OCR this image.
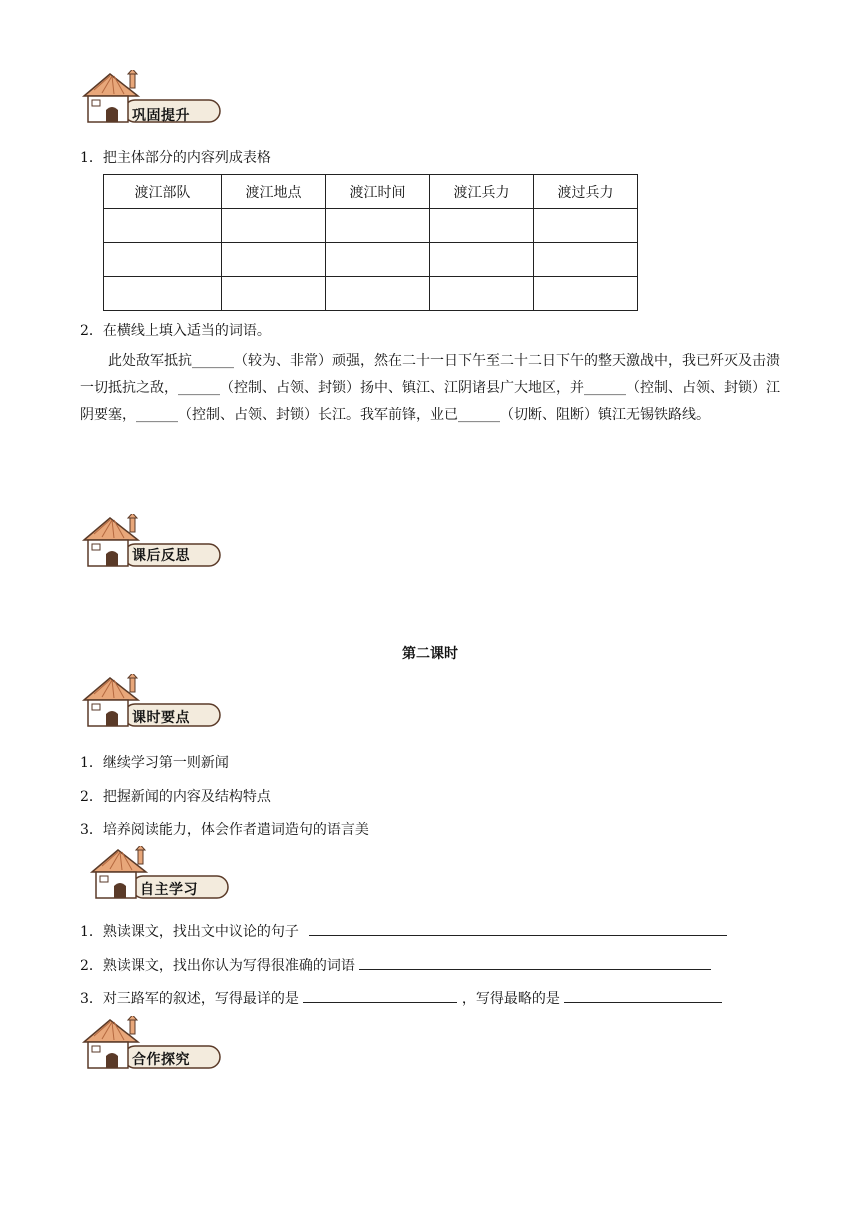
巩固提升
1．把主体部分的内容列成表格
渡江部队	渡江地点	渡江时间	渡江兵力	渡过兵力

2．在横线上填入适当的词语。
此处敌军抵抗______（较为、非常）顽强，然在二十一日下午至二十二日下午的整天激战中，我已歼灭及击溃一切抵抗之敌，______（控制、占领、封锁）扬中、镇江、江阴诸县广大地区，并______（控制、占领、封锁）江阴要塞，______（控制、占领、封锁）长江。我军前锋，业已______（切断、阻断）镇江无锡铁路线。
课后反思
第二课时
课时要点
1．继续学习第一则新闻
2．把握新闻的内容及结构特点
3．培养阅读能力，体会作者遣词造句的语言美
自主学习
1．熟读课文，找出文中议论的句子
2．熟读课文，找出你认为写得很准确的词语
3．对三路军的叙述，写得最详的是	，写得最略的是
合作探究
